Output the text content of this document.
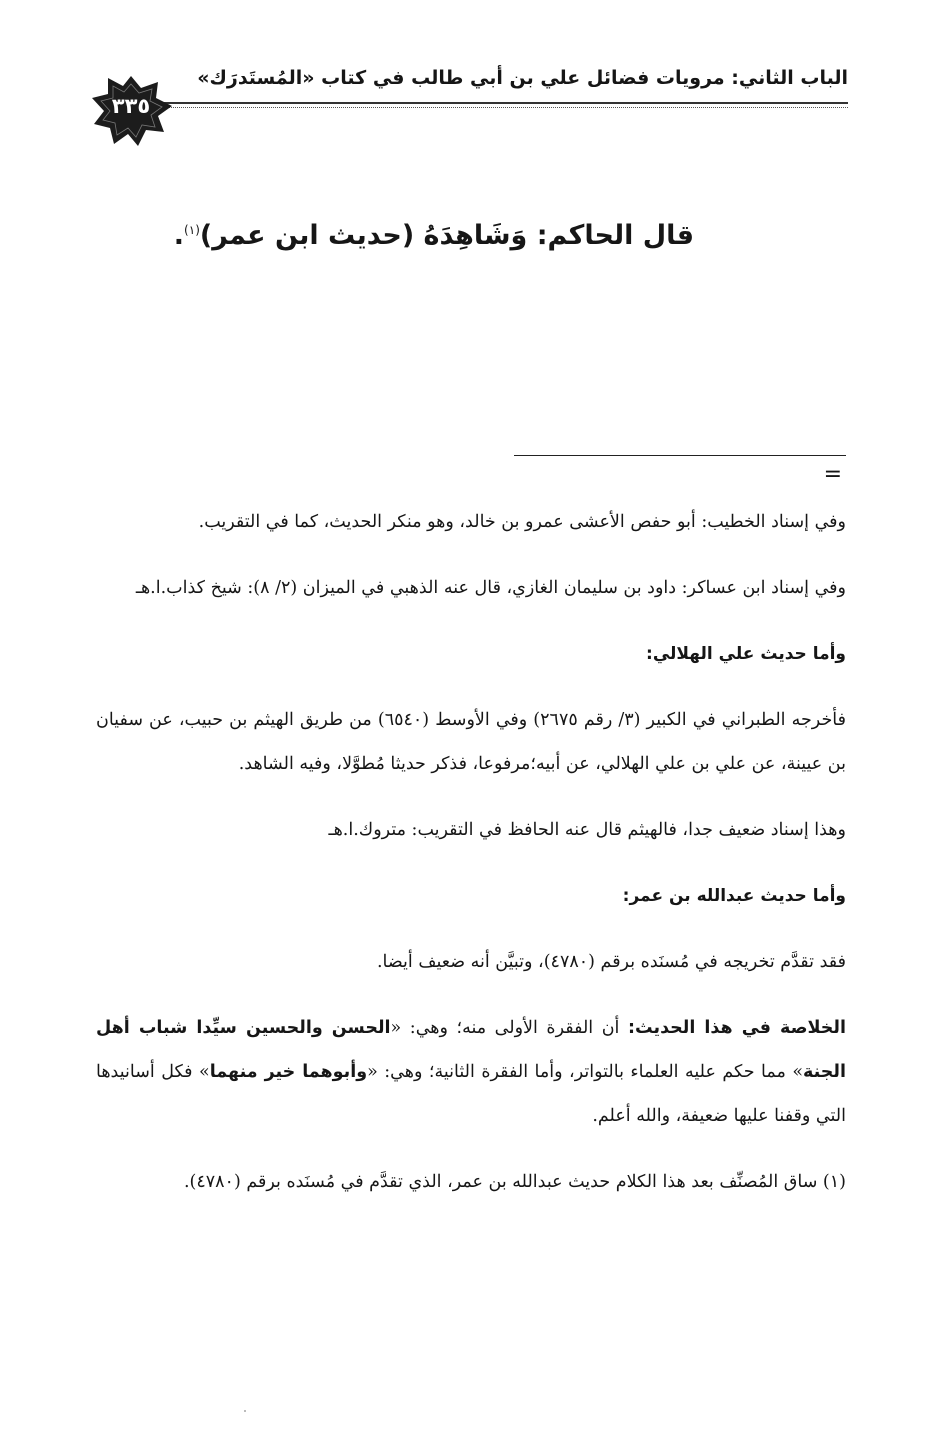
الباب الثاني: مرويات فضائل علي بن أبي طالب في كتاب «المُستَدرَك»
٣٣٥
قال الحاكم: وَشَاهِدَهُ (حديث ابن عمر)$^{(١)}$.
=

وفي إسناد الخطيب: أبو حفص الأعشى عمرو بن خالد، وهو منكر الحديث، كما في التقريب.

وفي إسناد ابن عساكر: داود بن سليمان الغازي، قال عنه الذهبي في الميزان (٢/ ٨): شيخ كذاب.ا.هـ

وأما حديث علي الهلالي:

فأخرجه الطبراني في الكبير (٣/ رقم ٢٦٧٥) وفي الأوسط (٦٥٤٠) من طريق الهيثم بن حبيب، عن سفيان بن عيينة، عن علي بن علي الهلالي، عن أبيه؛مرفوعا، فذكر حديثا مُطوَّلا، وفيه الشاهد.

وهذا إسناد ضعيف جدا، فالهيثم قال عنه الحافظ في التقريب: متروك.ا.هـ

وأما حديث عبدالله بن عمر:

فقد تقدَّم تخريجه في مُسنَده برقم (٤٧٨٠)، وتبيَّن أنه ضعيف أيضا.

الخلاصة في هذا الحديث: أن الفقرة الأولى منه؛ وهي: «الحسن والحسين سيِّدا شباب أهل الجنة» مما حكم عليه العلماء بالتواتر، وأما الفقرة الثانية؛ وهي: «وأبوهما خير منهما» فكل أسانيدها التي وقفنا عليها ضعيفة، والله أعلم.

(١) ساق المُصنِّف بعد هذا الكلام حديث عبدالله بن عمر، الذي تقدَّم في مُسنَده برقم (٤٧٨٠).
